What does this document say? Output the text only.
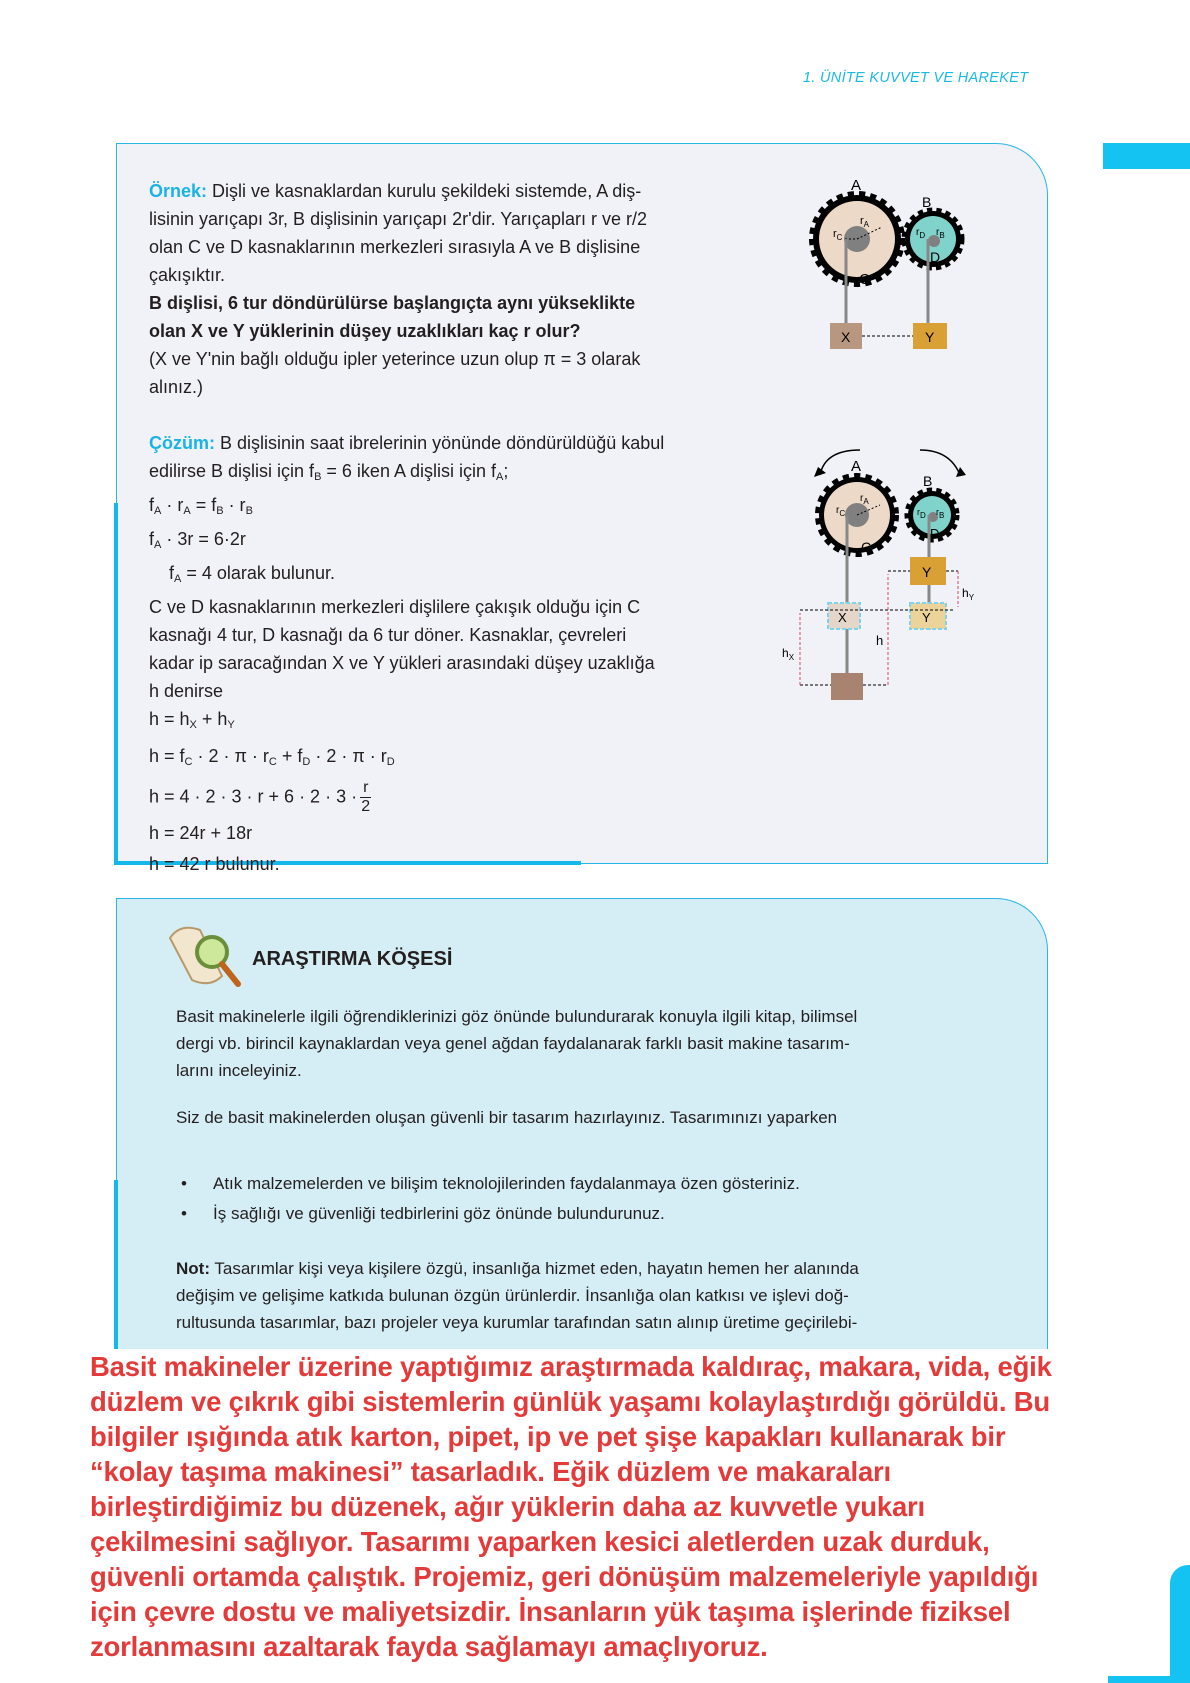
1. ÜNİTE KUVVET VE HAREKET
Örnek: Dişli ve kasnaklardan kurulu şekildeki sistemde, A diş-
lisinin yarıçapı 3r, B dişlisinin yarıçapı 2r'dir. Yarıçapları r ve r/2
olan C ve D kasnaklarının merkezleri sırasıyla A ve B dişlisine
çakışıktır.
B dişlisi, 6 tur döndürülürse başlangıçta aynı yükseklikte
olan X ve Y yüklerinin düşey uzaklıkları kaç r olur?
(X ve Y'nin bağlı olduğu ipler yeterince uzun olup π = 3 olarak
alınız.)
Çözüm: B dişlisinin saat ibrelerinin yönünde döndürüldüğü kabul
edilirse B dişlisi için $f_B = 6$ iken A dişlisi için $f_A$;
$f_A \cdot r_A = f_B \cdot r_B$
$f_A \cdot 3r = 6\cdot 2r$
$f_A = 4$ olarak bulunur.
C ve D kasnaklarının merkezleri dişlilere çakışık olduğu için C
kasnağı 4 tur, D kasnağı da 6 tur döner. Kasnaklar, çevreleri
kadar ip saracağından X ve Y yükleri arasındaki düşey uzaklığa
h denirse
$h = h_X + h_Y$
$h = f_C \cdot 2 \cdot \pi \cdot r_C + f_D \cdot 2 \cdot \pi \cdot r_D$
$h = 4 \cdot 2 \cdot 3 \cdot r + 6 \cdot 2 \cdot 3 \cdot \frac{r}{2}$
h = 24r + 18r
h = 42 r bulunur.
A
B
C
D
$r_A$
$r_C$	$r_D$ $r_B$
X	Y
A
B
C
D
$r_A$
$r_C$	rD rB
X
Y
Y
h
$h_X$
$h_Y$
ARAŞTIRMA KÖŞESİ
Basit makinelerle ilgili öğrendiklerinizi göz önünde bulundurarak konuyla ilgili kitap, bilimsel
dergi vb. birincil kaynaklardan veya genel ağdan faydalanarak farklı basit makine tasarım-
larını inceleyiniz.
Siz de basit makinelerden oluşan güvenli bir tasarım hazırlayınız. Tasarımınızı yaparken
• Atık malzemelerden ve bilişim teknolojilerinden faydalanmaya özen gösteriniz.
• İş sağlığı ve güvenliği tedbirlerini göz önünde bulundurunuz.
Not: Tasarımlar kişi veya kişilere özgü, insanlığa hizmet eden, hayatın hemen her alanında
değişim ve gelişime katkıda bulunan özgün ürünlerdir. İnsanlığa olan katkısı ve işlevi doğ-
rultusunda tasarımlar, bazı projeler veya kurumlar tarafından satın alınıp üretime geçirilebi-
Basit makineler üzerine yaptığımız araştırmada kaldıraç, makara, vida, eğik
düzlem ve çıkrık gibi sistemlerin günlük yaşamı kolaylaştırdığı görüldü. Bu
bilgiler ışığında atık karton, pipet, ip ve pet şişe kapakları kullanarak bir
“kolay taşıma makinesi” tasarladık. Eğik düzlem ve makaraları
birleştirdiğimiz bu düzenek, ağır yüklerin daha az kuvvetle yukarı
çekilmesini sağlıyor. Tasarımı yaparken kesici aletlerden uzak durduk,
güvenli ortamda çalıştık. Projemiz, geri dönüşüm malzemeleriyle yapıldığı
için çevre dostu ve maliyetsizdir. İnsanların yük taşıma işlerinde fiziksel
zorlanmasını azaltarak fayda sağlamayı amaçlıyoruz.
